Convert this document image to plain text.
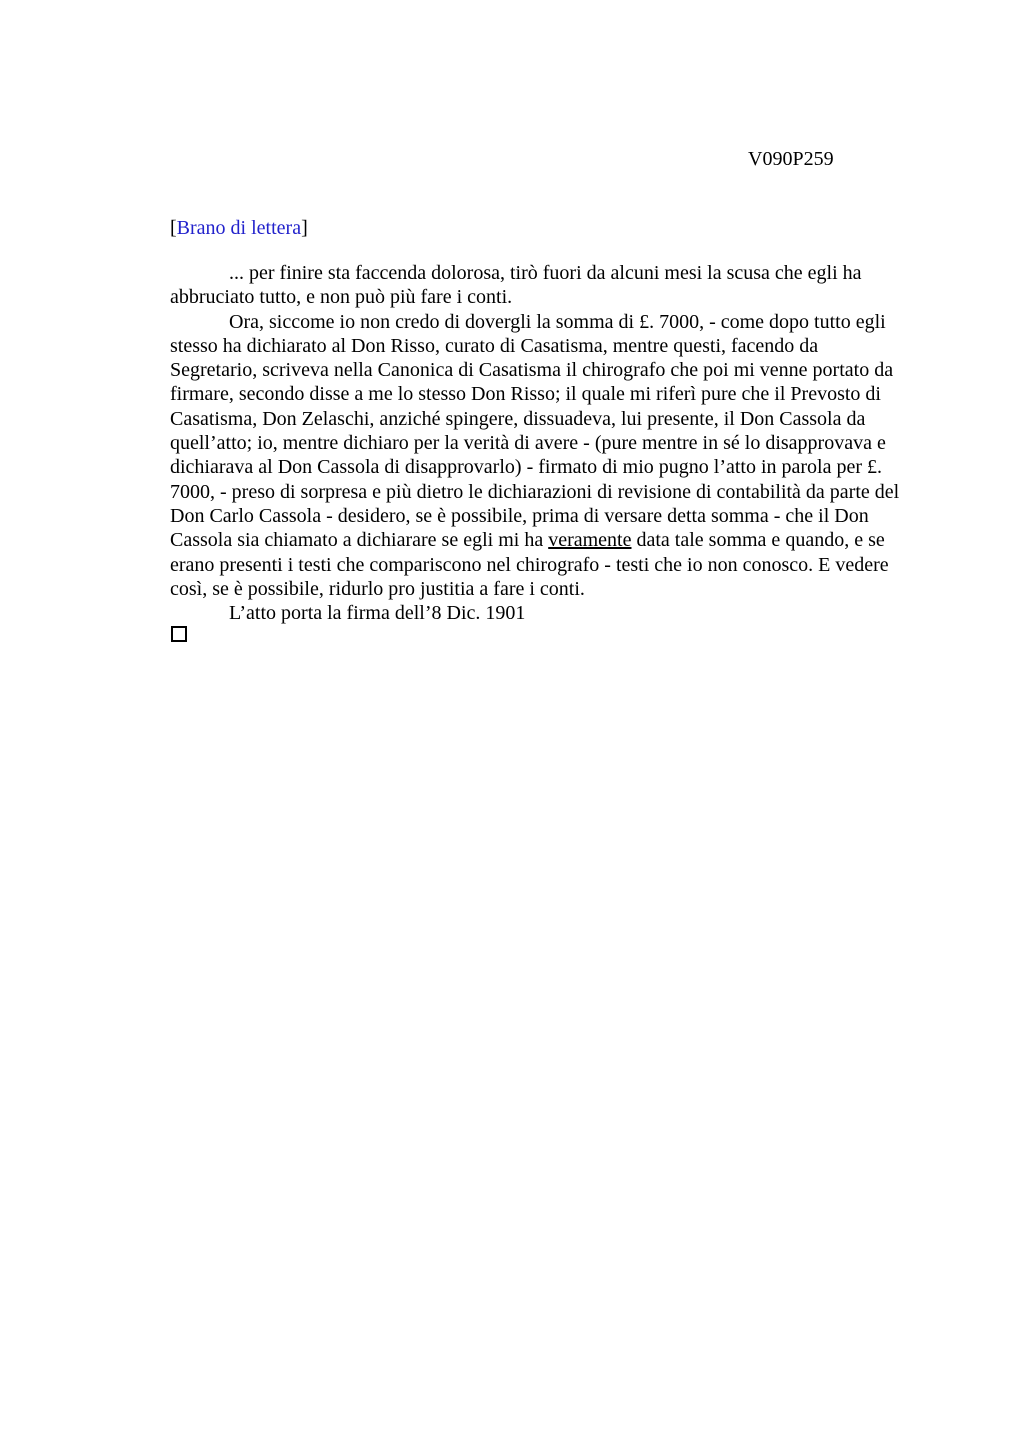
V090P259
[Brano di lettera]
... per finire sta faccenda dolorosa, tirò fuori da alcuni mesi la scusa che egli ha
abbruciato tutto, e non può più fare i conti.
Ora, siccome io non credo di dovergli la somma di £. 7000, - come dopo tutto egli
stesso ha dichiarato al Don Risso, curato di Casatisma, mentre questi, facendo da
Segretario, scriveva nella Canonica di Casatisma il chirografo che poi mi venne portato da
firmare, secondo disse a me lo stesso Don Risso; il quale mi riferì pure che il Prevosto di
Casatisma, Don Zelaschi, anziché spingere, dissuadeva, lui presente, il Don Cassola da
quell’atto; io, mentre dichiaro per la verità di avere - (pure mentre in sé lo disapprovava e
dichiarava al Don Cassola di disapprovarlo) - firmato di mio pugno l’atto in parola per £.
7000, - preso di sorpresa e più dietro le dichiarazioni di revisione di contabilità da parte del
Don Carlo Cassola - desidero, se è possibile, prima di versare detta somma - che il Don
Cassola sia chiamato a dichiarare se egli mi ha veramente data tale somma e quando, e se
erano presenti i testi che compariscono nel chirografo - testi che io non conosco. E vedere
così, se è possibile, ridurlo pro justitia a fare i conti.
L’atto porta la firma dell’8 Dic. 1901
